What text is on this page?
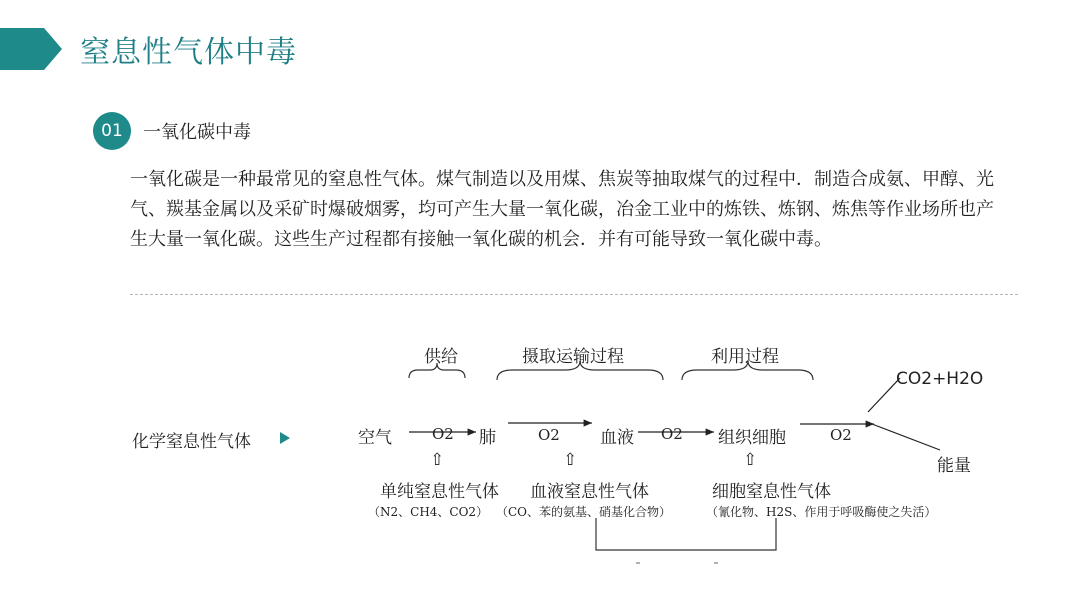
窒息性气体中毒
01	一氧化碳中毒

一氧化碳是一种最常见的窒息性气体。煤气制造以及用煤、焦炭等抽取煤气的过程中．制造合成氨、甲醇、光气、羰基金属以及采矿时爆破烟雾，均可产生大量一氧化碳，冶金工业中的炼铁、炼钢、炼焦等作业场所也产生大量一氧化碳。这些生产过程都有接触一氧化碳的机会．并有可能导致一氧化碳中毒。

供给	摄取运输过程	利用过程
化学窒息性气体	空气	O2 肺	O2 血液 O2 组织细胞	O2
CO2+H2O
能量
⇧	⇧	⇧
单纯窒息性气体
（N2、CH4、CO2）
血液窒息性气体
（CO、苯的氨基、硝基化合物）
细胞窒息性气体
（氰化物、H2S、作用于呼吸酶使之失活）
